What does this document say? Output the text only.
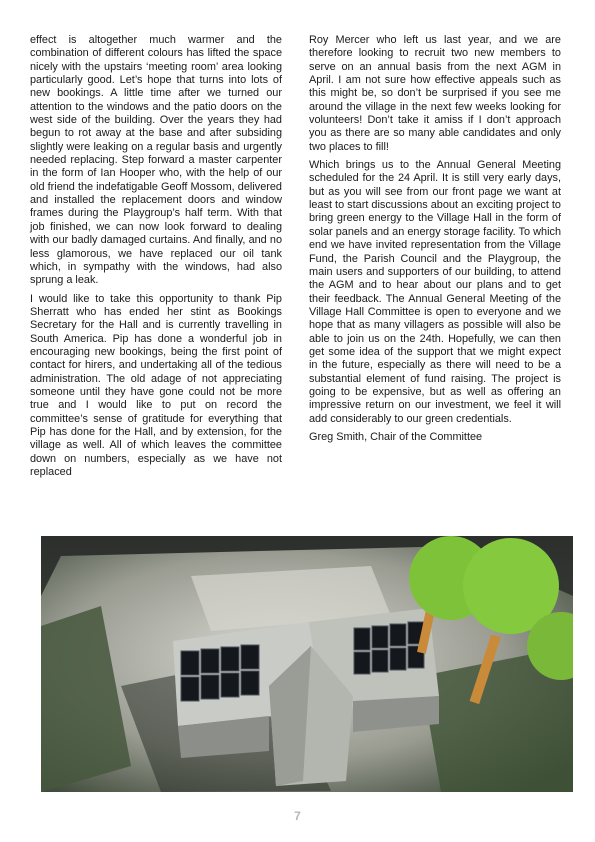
effect is altogether much warmer and the combination of different colours has lifted the space nicely with the upstairs ‘meeting room’ area looking particularly good. Let’s hope that turns into lots of new bookings. A little time after we turned our attention to the windows and the patio doors on the west side of the building. Over the years they had begun to rot away at the base and after subsiding slightly were leaking on a regular basis and urgently needed replacing. Step forward a master carpenter in the form of Ian Hooper who, with the help of our old friend the indefatigable Geoff Mossom, delivered and installed the replacement doors and window frames during the Playgroup’s half term. With that job finished, we can now look forward to dealing with our badly damaged curtains. And finally, and no less glamorous, we have replaced our oil tank which, in sympathy with the windows, had also sprung a leak.

I would like to take this opportunity to thank Pip Sherratt who has ended her stint as Bookings Secretary for the Hall and is currently travelling in South America. Pip has done a wonderful job in encouraging new bookings, being the first point of contact for hirers, and undertaking all of the tedious administration. The old adage of not appreciating someone until they have gone could not be more true and I would like to put on record the committee’s sense of gratitude for everything that Pip has done for the Hall, and by extension, for the village as well. All of which leaves the committee down on numbers, especially as we have not replaced

Roy Mercer who left us last year, and we are therefore looking to recruit two new members to serve on an annual basis from the next AGM in April. I am not sure how effective appeals such as this might be, so don’t be surprised if you see me around the village in the next few weeks looking for volunteers! Don’t take it amiss if I don’t approach you as there are so many able candidates and only two places to fill!

Which brings us to the Annual General Meeting scheduled for the 24 April. It is still very early days, but as you will see from our front page we want at least to start discussions about an exciting project to bring green energy to the Village Hall in the form of solar panels and an energy storage facility. To which end we have invited representation from the Village Fund, the Parish Council and the Playgroup, the main users and supporters of our building, to attend the AGM and to hear about our plans and to get their feedback. The Annual General Meeting of the Village Hall Committee is open to everyone and we hope that as many villagers as possible will also be able to join us on the 24th. Hopefully, we can then get some idea of the support that we might expect in the future, especially as there will need to be a substantial element of fund raising. The project is going to be expensive, but as well as offering an impressive return on our investment, we feel it will add considerably to our green credentials.

Greg Smith, Chair of the Committee

7
